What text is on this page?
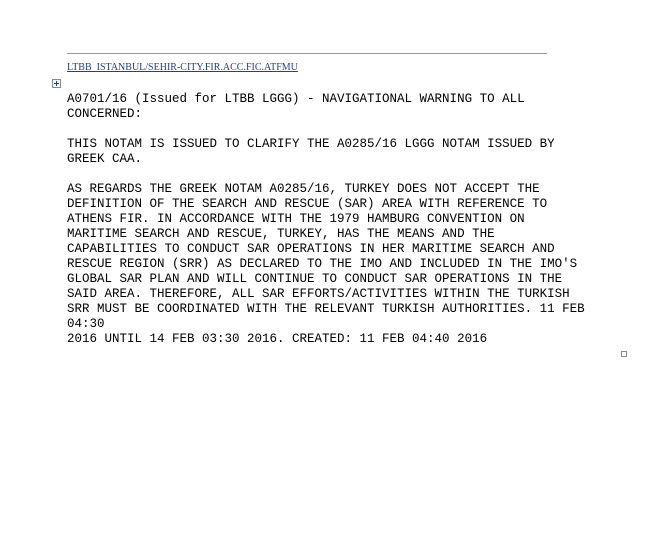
LTBB  ISTANBUL/SEHIR-CITY.FIR.ACC.FIC.ATFMU

A0701/16 (Issued for LTBB LGGG) - NAVIGATIONAL WARNING TO ALL

CONCERNED:

THIS NOTAM IS ISSUED TO CLARIFY THE A0285/16 LGGG NOTAM ISSUED BY

GREEK CAA.

AS REGARDS THE GREEK NOTAM A0285/16, TURKEY DOES NOT ACCEPT THE

DEFINITION OF THE SEARCH AND RESCUE (SAR) AREA WITH REFERENCE TO

ATHENS FIR. IN ACCORDANCE WITH THE 1979 HAMBURG CONVENTION ON

MARITIME SEARCH AND RESCUE, TURKEY, HAS THE MEANS AND THE

CAPABILITIES TO CONDUCT SAR OPERATIONS IN HER MARITIME SEARCH AND

RESCUE REGION (SRR) AS DECLARED TO THE IMO AND INCLUDED IN THE IMO'S

GLOBAL SAR PLAN AND WILL CONTINUE TO CONDUCT SAR OPERATIONS IN THE

SAID AREA. THEREFORE, ALL SAR EFFORTS/ACTIVITIES WITHIN THE TURKISH

SRR MUST BE COORDINATED WITH THE RELEVANT TURKISH AUTHORITIES. 11 FEB

04:30

2016 UNTIL 14 FEB 03:30 2016. CREATED: 11 FEB 04:40 2016
